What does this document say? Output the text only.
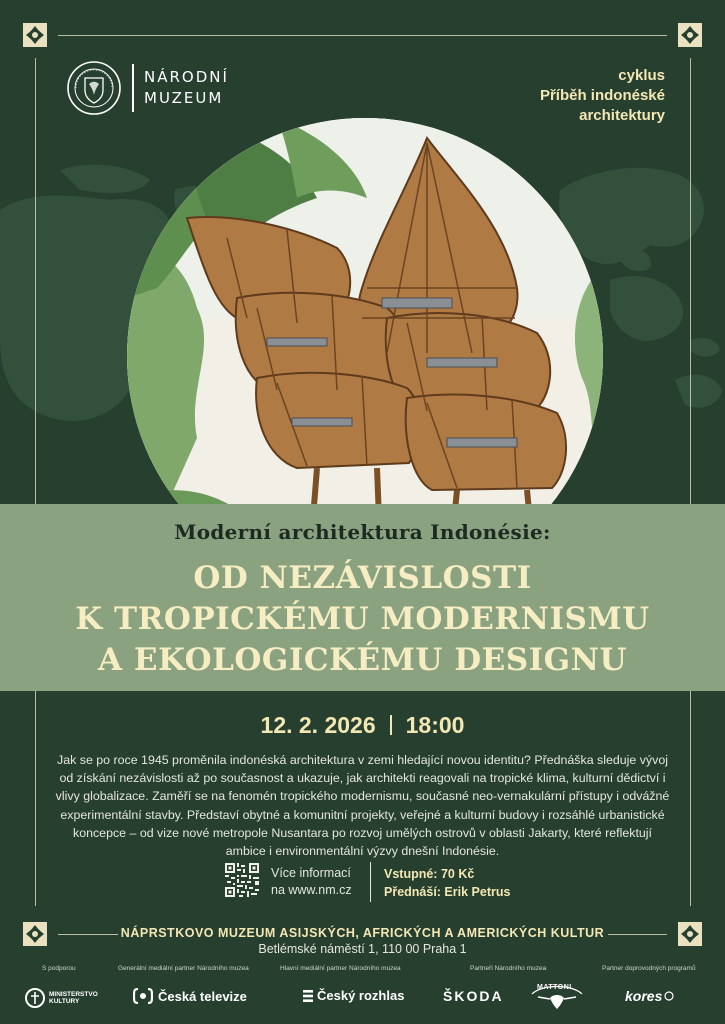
NÁRODNÍ
MUZEUM
cyklus
Příběh indonéské
architektury
Moderní architektura Indonésie:
OD NEZÁVISLOSTI
K TROPICKÉMU MODERNISMU
A EKOLOGICKÉMU DESIGNU
12. 2. 2026 18:00
Jak se po roce 1945 proměnila indonéská architektura v zemi hledající novou identitu? Přednáška sleduje vývoj od získání nezávislosti až po současnost a ukazuje, jak architekti reagovali na tropické klima, kulturní dědictví i vlivy globalizace. Zaměří se na fenomén tropického modernismu, současné neo-vernakulární přístupy i odvážné experimentální stavby. Představí obytné a komunitní projekty, veřejné a kulturní budovy i rozsáhlé urbanistické koncepce – od vize nové metropole Nusantara po rozvoj umělých ostrovů v oblasti Jakarty, které reflektují ambice i environmentální výzvy dnešní Indonésie.
Více informací
na www.nm.cz
Vstupné: 70 Kč
Přednáší: Erik Petrus
NÁPRSTKOVO MUZEUM ASIJSKÝCH, AFRICKÝCH A AMERICKÝCH KULTUR
Betlémské náměstí 1, 110 00 Praha 1
S podporou	Generální mediální partner Národního muzea	Hlavní mediální partner Národního muzea	Partneři Národního muzea	Partner doprovodných programů
MINISTERSTVO
KULTURY	Česká televize	Český rozhlas	ŠKODA
MATTONI
kores
